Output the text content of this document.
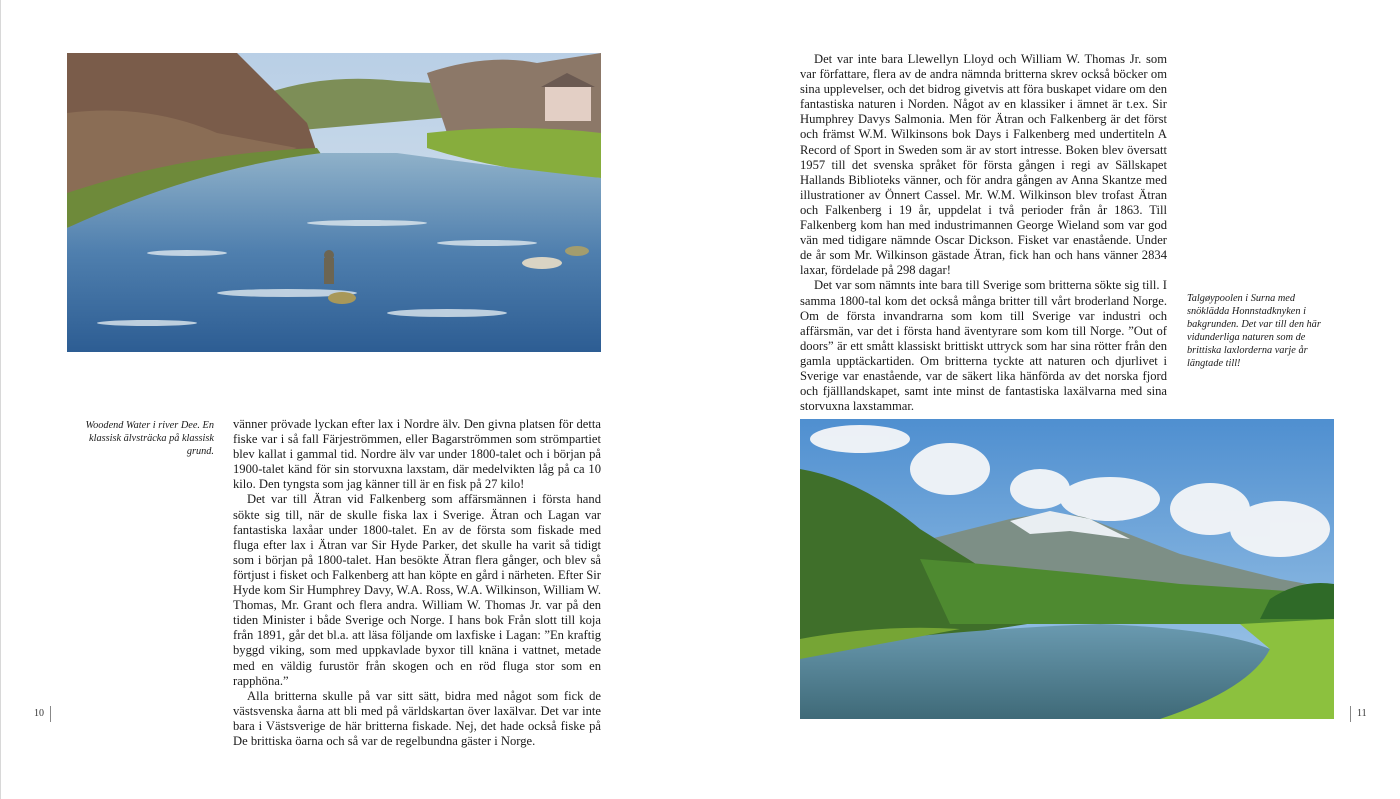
Woodend Water i river Dee. En klassisk älvsträcka på klassisk grund.

vänner prövade lyckan efter lax i Nordre älv. Den givna platsen för detta fiske var i så fall Färjeströmmen, eller Bagarströmmen som strömpartiet blev kallat i gammal tid. Nordre älv var under 1800-talet och i början på 1900-talet känd för sin storvuxna laxstam, där medelvikten låg på ca 10 kilo. Den tyngsta som jag känner till är en fisk på 27 kilo!

Det var till Ätran vid Falkenberg som affärsmännen i första hand sökte sig till, när de skulle fiska lax i Sverige. Ätran och Lagan var fantastiska laxåar under 1800-talet. En av de första som fiskade med fluga efter lax i Ätran var Sir Hyde Parker, det skulle ha varit så tidigt som i början på 1800-talet. Han besökte Ätran flera gånger, och blev så förtjust i fisket och Falkenberg att han köpte en gård i närheten. Efter Sir Hyde kom Sir Humphrey Davy, W.A. Ross, W.A. Wilkinson, William W. Thomas, Mr. Grant och flera andra. William W. Thomas Jr. var på den tiden Minister i både Sverige och Norge. I hans bok Från slott till koja från 1891, går det bl.a. att läsa följande om laxfiske i Lagan: ”En kraftig byggd viking, som med uppkavlade byxor till knäna i vattnet, metade med en väldig furustör från skogen och en röd fluga stor som en rapphöna.”

Alla britterna skulle på var sitt sätt, bidra med något som fick de västsvenska åarna att bli med på världskartan över laxälvar. Det var inte bara i Västsverige de här britterna fiskade. Nej, det hade också fiske på De brittiska öarna och så var de regelbundna gäster i Norge.

10

Det var inte bara Llewellyn Lloyd och William W. Thomas Jr. som var författare, flera av de andra nämnda britterna skrev också böcker om sina upplevelser, och det bidrog givetvis att föra buskapet vidare om den fantastiska naturen i Norden. Något av en klassiker i ämnet är t.ex. Sir Humphrey Davys Salmonia. Men för Ätran och Falkenberg är det först och främst W.M. Wilkinsons bok Days i Falkenberg med undertiteln A Record of Sport in Sweden som är av stort intresse. Boken blev översatt 1957 till det svenska språket för första gången i regi av Sällskapet Hallands Biblioteks vänner, och för andra gången av Anna Skantze med illustrationer av Önnert Cassel. Mr. W.M. Wilkinson blev trofast Ätran och Falkenberg i 19 år, uppdelat i två perioder från år 1863. Till Falkenberg kom han med industrimannen George Wieland som var god vän med tidigare nämnde Oscar Dickson. Fisket var enastående. Under de år som Mr. Wilkinson gästade Ätran, fick han och hans vänner 2834 laxar, fördelade på 298 dagar!

Det var som nämnts inte bara till Sverige som britterna sökte sig till. I samma 1800-tal kom det också många britter till vårt broderland Norge. Om de första invandrarna som kom till Sverige var industri och affärsmän, var det i första hand äventyrare som kom till Norge. ”Out of doors” är ett smått klassiskt brittiskt uttryck som har sina rötter från den gamla upptäckartiden. Om britterna tyckte att naturen och djurlivet i Sverige var enastående, var de säkert lika hänförda av det norska fjord och fjälllandskapet, samt inte minst de fantastiska laxälvarna med sina storvuxna laxstammar.

Talgøypoolen i Surna med snöklädda Honnstadknyken i bakgrunden. Det var till den här vidunderliga naturen som de brittiska laxlorderna varje år längtade till!
11
